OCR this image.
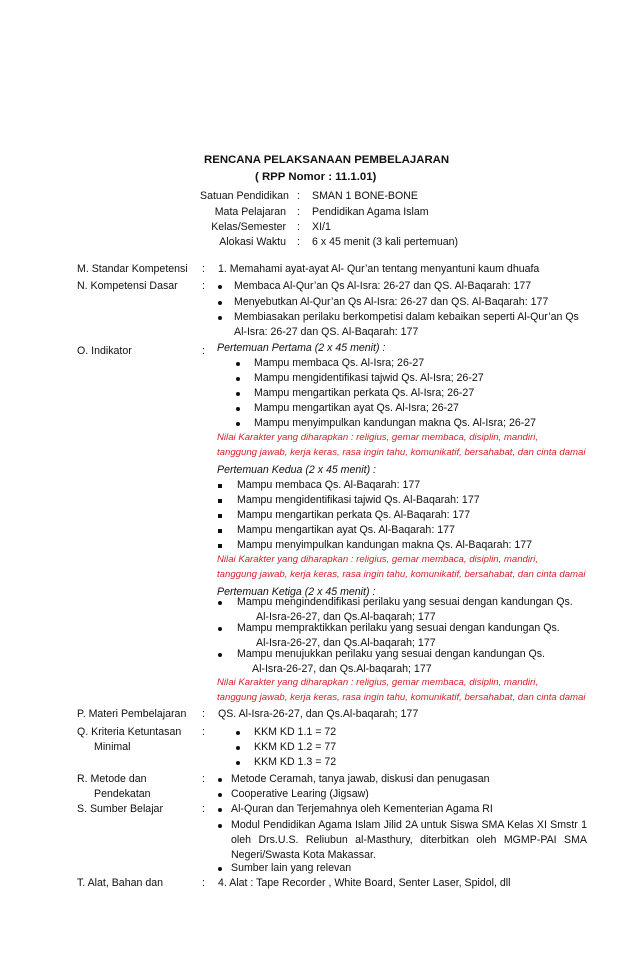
RENCANA PELAKSANAAN PEMBELAJARAN
( RPP Nomor : 11.1.01)
Satuan Pendidikan : SMAN 1 BONE-BONE
Mata Pelajaran : Pendidikan Agama Islam
Kelas/Semester : XI/1
Alokasi Waktu : 6 x 45 menit (3 kali pertemuan)
M. Standar Kompetensi : 1. Memahami ayat-ayat Al- Qur’an tentang menyantuni kaum dhuafa
N. Kompetensi Dasar :	Membaca Al-Qur’an Qs Al-Isra: 26-27 dan QS. Al-Baqarah: 177
Menyebutkan Al-Qur’an Qs Al-Isra: 26-27 dan QS. Al-Baqarah: 177
Membiasakan perilaku berkompetisi dalam kebaikan seperti Al-Qur’an Qs
Al-Isra: 26-27 dan QS. Al-Baqarah: 177
O. Indikator	: Pertemuan Pertama (2 x 45 menit) :
Mampu membaca Qs. Al-Isra; 26-27
Mampu mengidentifikasi tajwid Qs. Al-Isra; 26-27
Mampu mengartikan perkata Qs. Al-Isra; 26-27
Mampu mengartikan ayat Qs. Al-Isra; 26-27
Mampu menyimpulkan kandungan makna Qs. Al-Isra; 26-27
Nilai Karakter yang diharapkan : religius, gemar membaca, disiplin, mandiri,
tanggung jawab, kerja keras, rasa ingin tahu, komunikatif, bersahabat, dan cinta damai
Pertemuan Kedua (2 x 45 menit) :
Mampu membaca Qs. Al-Baqarah: 177
Mampu mengidentifikasi tajwid Qs. Al-Baqarah: 177
Mampu mengartikan perkata Qs. Al-Baqarah: 177
Mampu mengartikan ayat Qs. Al-Baqarah: 177
Mampu menyimpulkan kandungan makna Qs. Al-Baqarah: 177
Nilai Karakter yang diharapkan : religius, gemar membaca, disiplin, mandiri,
tanggung jawab, kerja keras, rasa ingin tahu, komunikatif, bersahabat, dan cinta damai
Pertemuan Ketiga (2 x 45 menit) :
Mampu mengindendifikasi perilaku yang sesuai dengan kandungan Qs.
Al-Isra-26-27, dan Qs.Al-baqarah; 177
Mampu mempraktikkan perilaku yang sesuai dengan kandungan Qs.
Al-Isra-26-27, dan Qs.Al-baqarah; 177
Mampu menujukkan perilaku yang sesuai dengan kandungan Qs.
Al-Isra-26-27, dan Qs.Al-baqarah; 177
Nilai Karakter yang diharapkan : religius, gemar membaca, disiplin, mandiri,
tanggung jawab, kerja keras, rasa ingin tahu, komunikatif, bersahabat, dan cinta damai
P. Materi Pembelajaran : QS. Al-Isra-26-27, dan Qs.Al-baqarah; 177
Q. Kriteria Ketuntasan
Minimal
:	KKM KD 1.1 = 72
KKM KD 1.2 = 77
KKM KD 1.3 = 72
R. Metode dan
Pendekatan
: Metode Ceramah, tanya jawab, diskusi dan penugasan
Cooperative Learing (Jigsaw)
S. Sumber Belajar	: Al-Quran dan Terjemahnya oleh Kementerian Agama RI
Modul Pendidikan Agama Islam Jilid 2A untuk Siswa SMA Kelas XI Smstr 1 oleh Drs.U.S. Reliubun al-Masthury, diterbitkan oleh MGMP-PAI SMA Negeri/Swasta Kota Makassar.
Sumber lain yang relevan
T. Alat, Bahan dan	: 4. Alat : Tape Recorder , White Board, Senter Laser, Spidol, dll
